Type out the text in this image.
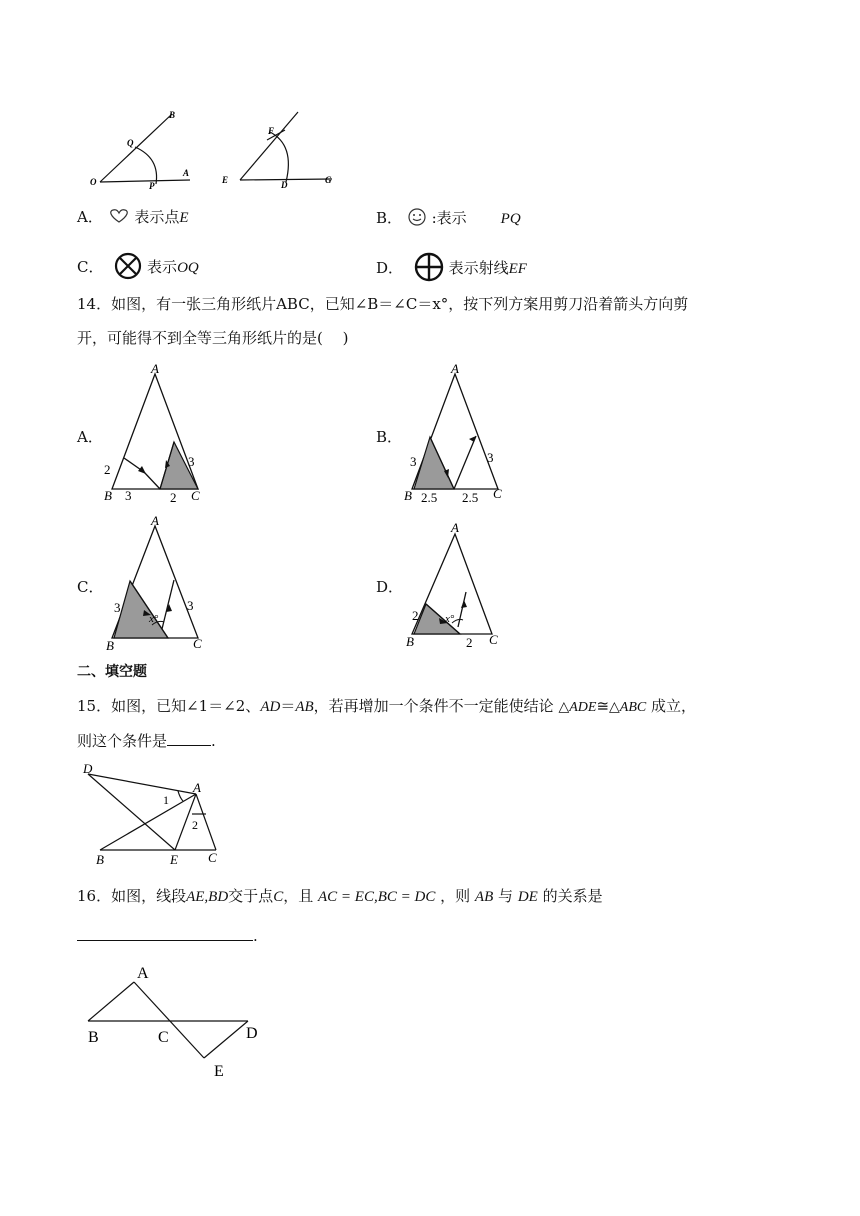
O
Q
B
P
A
E
F
D	G
A． 表示点E	B． :表示 PQ
C．	表示OQ	D．	表示射线EF
14．如图，有一张三角形纸片ABC，已知∠B＝∠C＝x°，按下列方案用剪刀沿着箭头方向剪
开，可能得不到全等三角形纸片的是(　 )
A．
A
B	C
2
3	2
3
B．
A
B	C
3
2.5 2.5
3
C．
A
B	C
3	3
x°
D．
A
B	C
2
2
x°
二、填空题
15．如图，已知∠1＝∠2、AD＝AB，若再增加一个条件不一定能使结论 △ADE≅△ABC 成立，
则这个条件是	.
D
A
B	E C
1
2
16．如图，线段AE,BD交于点C，且 AC = EC,BC = DC ，则 AB 与 DE 的关系是
.
A
B	C	D
E
